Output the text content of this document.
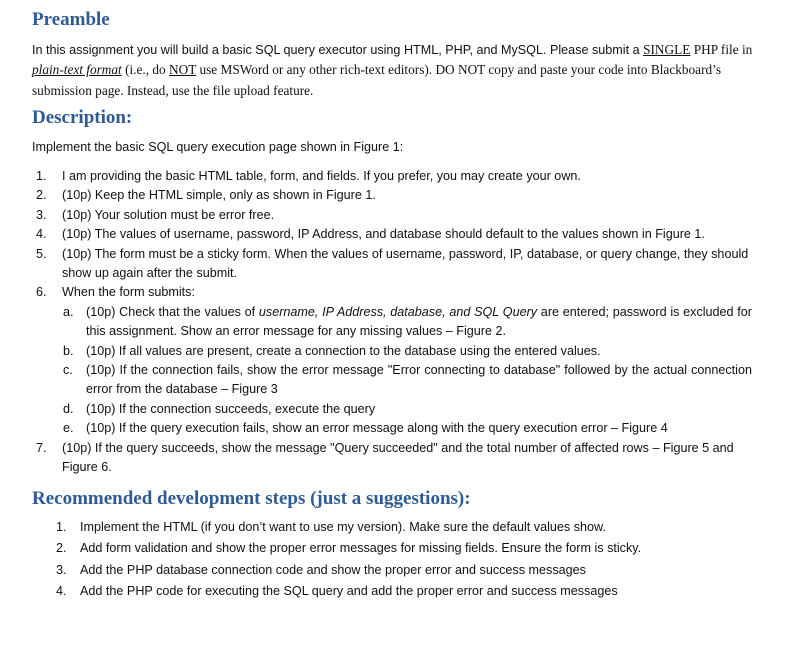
Preamble

In this assignment you will build a basic SQL query executor using HTML, PHP, and MySQL. Please submit a SINGLE PHP file in plain-text format (i.e., do NOT use MSWord or any other rich-text editors). DO NOT copy and paste your code into Blackboard’s submission page. Instead, use the file upload feature.

Description:

Implement the basic SQL query execution page shown in Figure 1:

1. I am providing the basic HTML table, form, and fields. If you prefer, you may create your own.
2. (10p) Keep the HTML simple, only as shown in Figure 1.
3. (10p) Your solution must be error free.
4. (10p) The values of username, password, IP Address, and database should default to the values shown in Figure 1.
5. (10p) The form must be a sticky form. When the values of username, password, IP, database, or query change, they should show up again after the submit.
6. When the form submits:
a. (10p) Check that the values of username, IP Address, database, and SQL Query are entered; password is excluded for this assignment. Show an error message for any missing values – Figure 2.
b. (10p) If all values are present, create a connection to the database using the entered values.
c. (10p) If the connection fails, show the error message "Error connecting to database" followed by the actual connection error from the database – Figure 3
d. (10p) If the connection succeeds, execute the query
e. (10p) If the query execution fails, show an error message along with the query execution error – Figure 4
7. (10p) If the query succeeds, show the message "Query succeeded" and the total number of affected rows – Figure 5 and Figure 6.
Recommended development steps (just a suggestions):
1. Implement the HTML (if you don’t want to use my version). Make sure the default values show.
2. Add form validation and show the proper error messages for missing fields. Ensure the form is sticky.
3. Add the PHP database connection code and show the proper error and success messages
4. Add the PHP code for executing the SQL query and add the proper error and success messages
